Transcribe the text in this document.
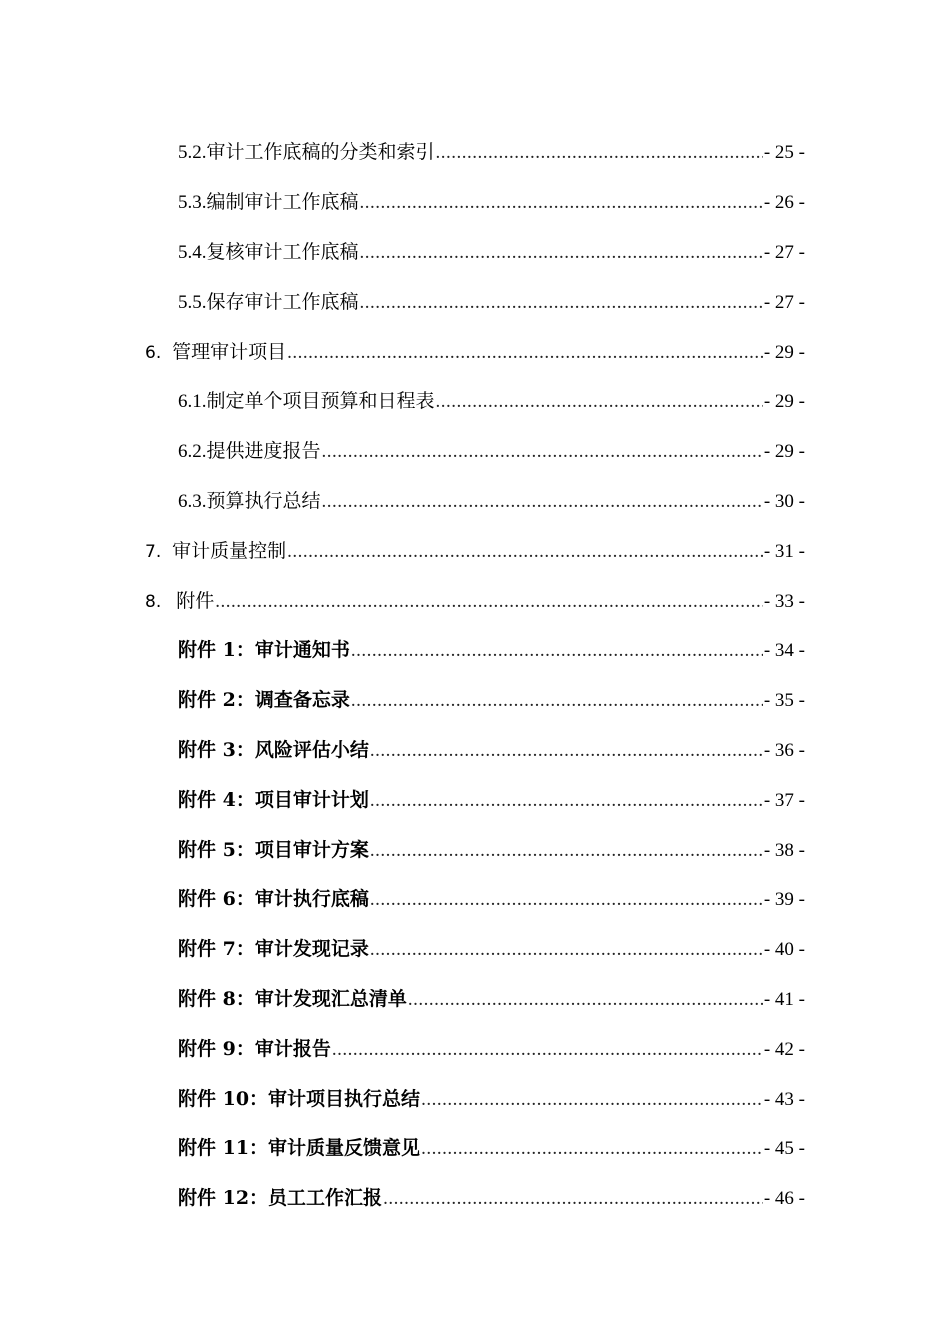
5.2. 审计工作底稿的分类和索引 .....	- 25 -
5.3. 编制审计工作底稿 .....	- 26 -
5.4. 复核审计工作底稿 .....	- 27 -
5.5. 保存审计工作底稿 .....	- 27 -
6. 管理审计项目 .....	- 29 -
6.1. 制定单个项目预算和日程表 .....	- 29 -
6.2. 提供进度报告 .....	- 29 -
6.3. 预算执行总结 .....	- 30 -
7. 审计质量控制 .....	- 31 -
8. 附件 .....	- 33 -
附件 1：审计通知书 .....	- 34 -
附件 2：调查备忘录 .....	- 35 -
附件 3：风险评估小结 .....	- 36 -
附件 4：项目审计计划 .....	- 37 -
附件 5：项目审计方案 .....	- 38 -
附件 6：审计执行底稿 .....	- 39 -
附件 7：审计发现记录 .....	- 40 -
附件 8：审计发现汇总清单 .....	- 41 -
附件 9：审计报告 .....	- 42 -
附件 10：审计项目执行总结 .....	- 43 -
附件 11：审计质量反馈意见 .....	- 45 -
附件 12：员工工作汇报 .....	- 46 -
